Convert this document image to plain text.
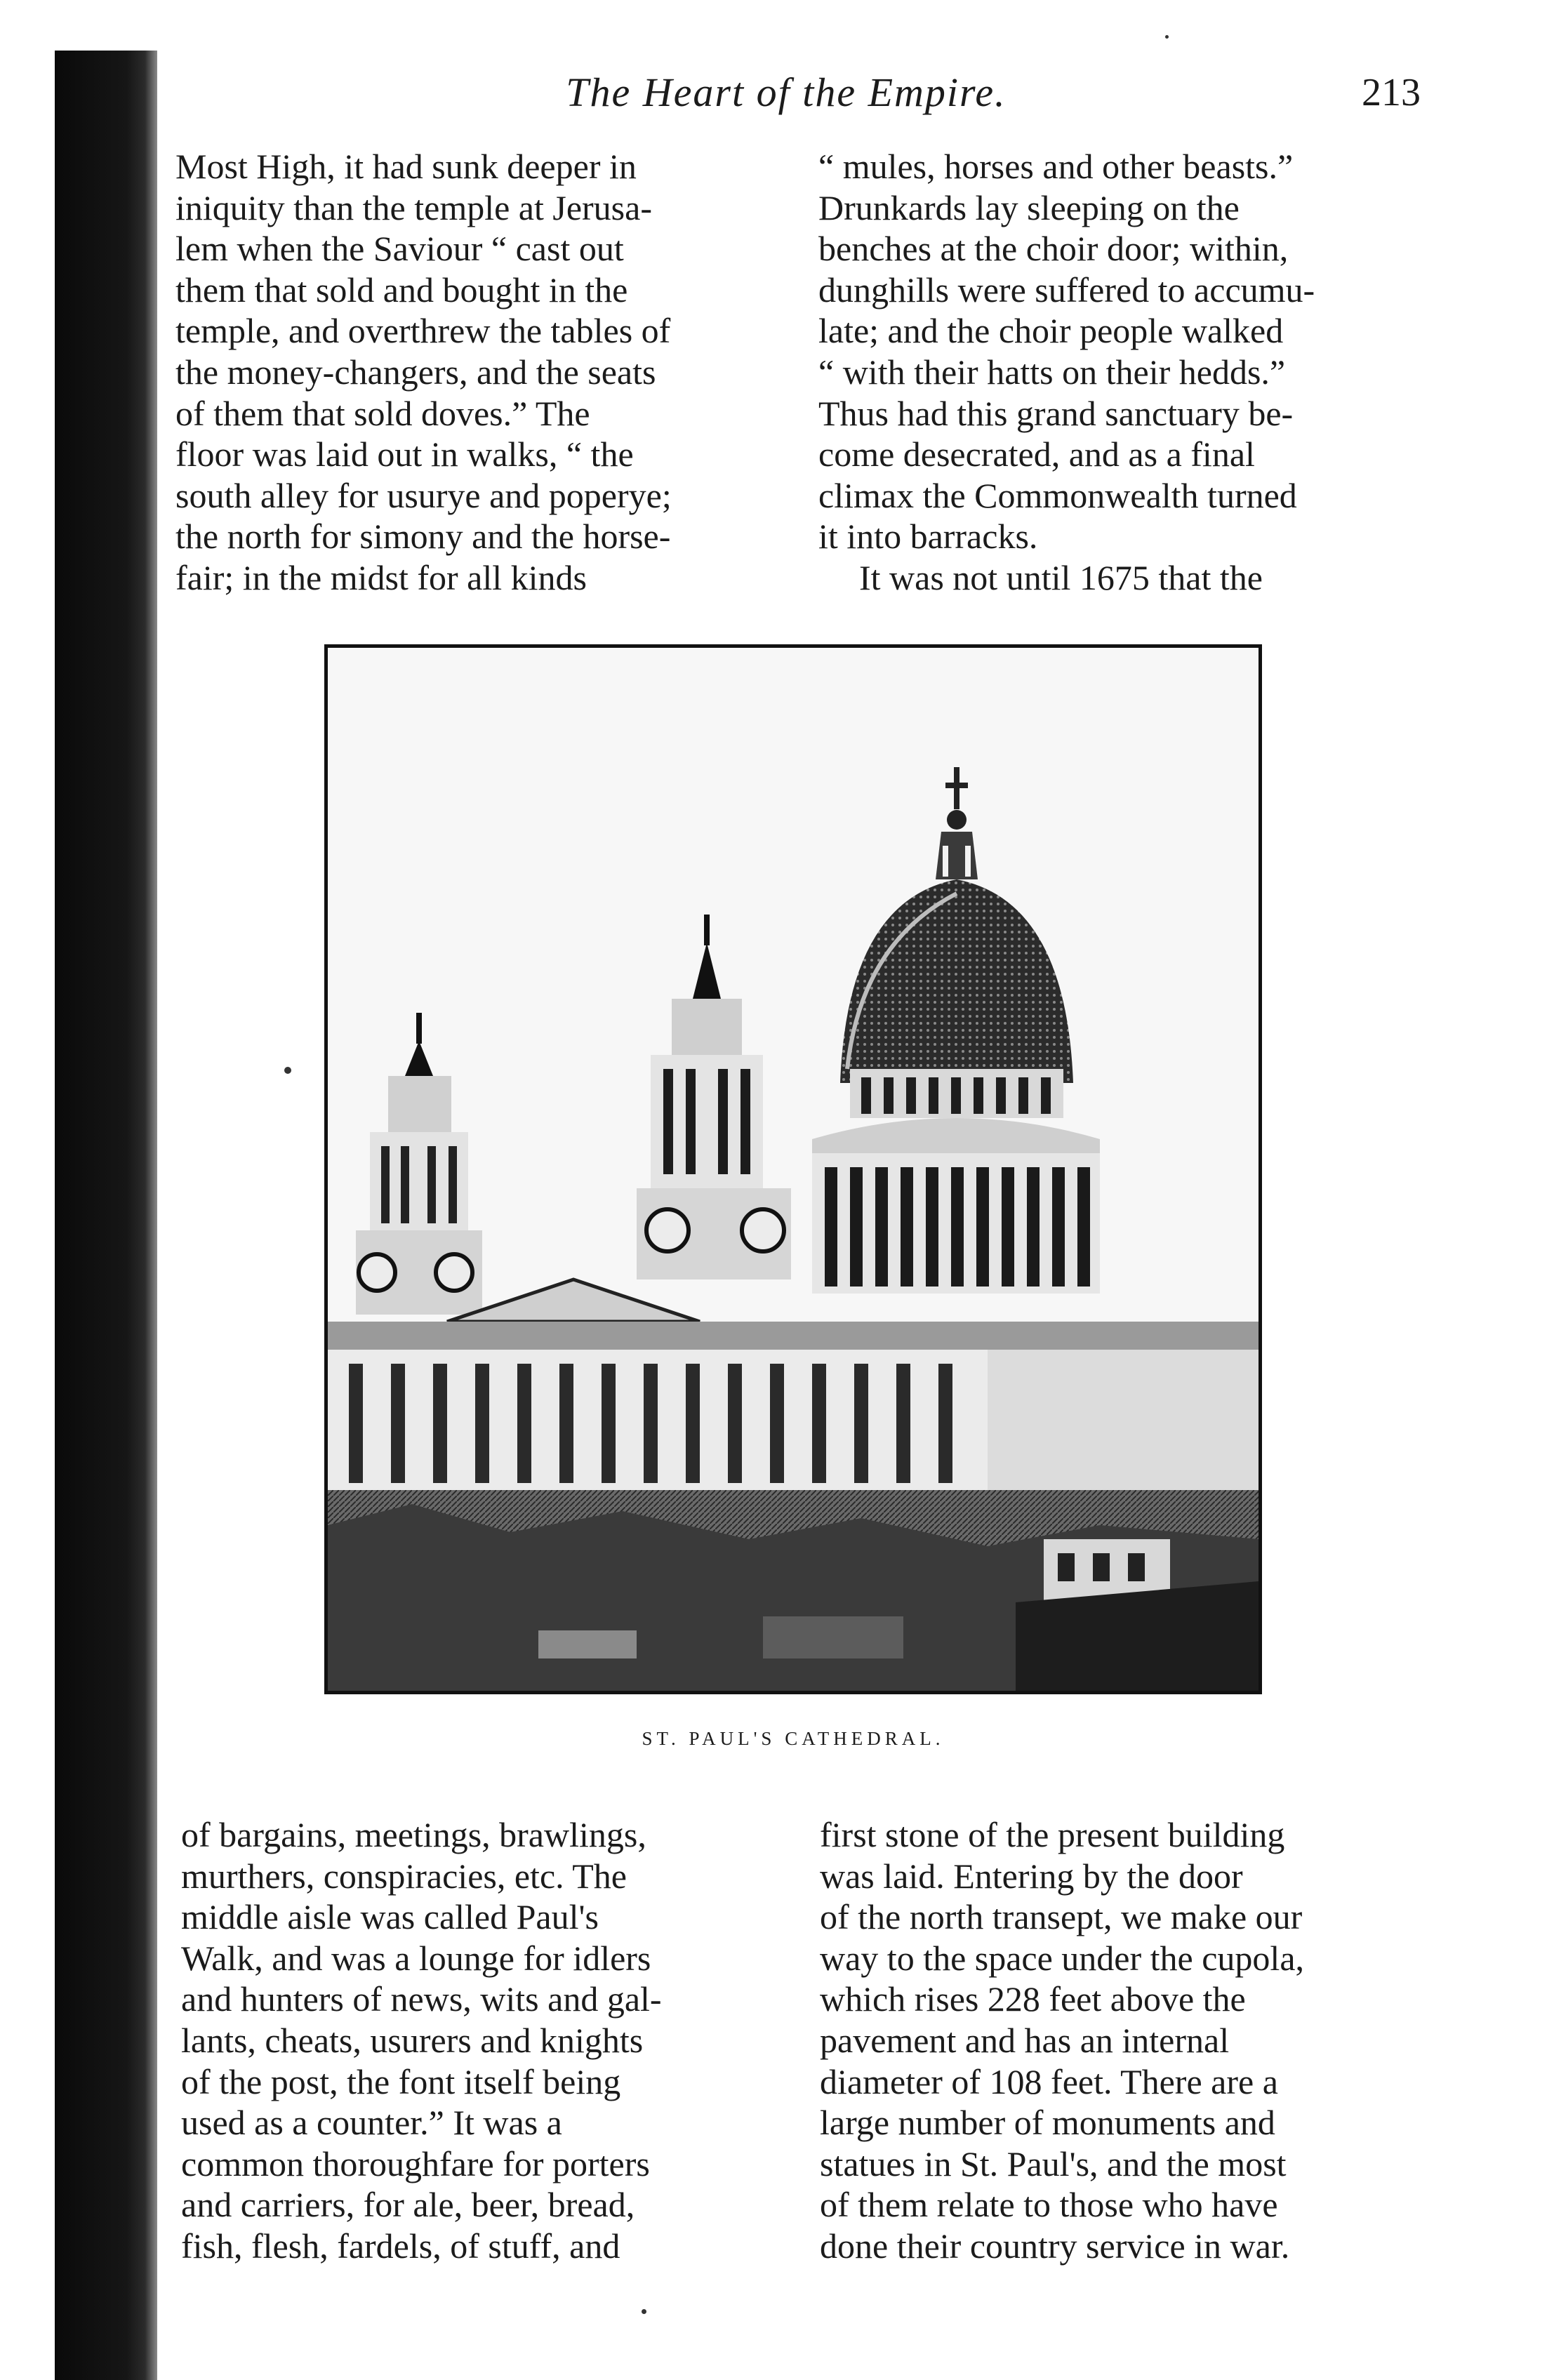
The Heart of the Empire.	213

Most High, it had sunk deeper in

iniquity than the temple at Jerusa-

lem when the Saviour “ cast out

them that sold and bought in the

temple, and overthrew the tables of

the money-changers, and the seats

of them that sold doves.” The

floor was laid out in walks, “ the

south alley for usurye and poperye;

the north for simony and the horse-

fair; in the midst for all kinds

“ mules, horses and other beasts.”

Drunkards lay sleeping on the

benches at the choir door; within,

dunghills were suffered to accumu-

late; and the choir people walked

“ with their hatts on their hedds.”

Thus had this grand sanctuary be-

come desecrated, and as a final

climax the Commonwealth turned

it into barracks.

It was not until 1675 that the

ST. PAUL'S CATHEDRAL.

of bargains, meetings, brawlings,

murthers, conspiracies, etc. The

middle aisle was called Paul's

Walk, and was a lounge for idlers

and hunters of news, wits and gal-

lants, cheats, usurers and knights

of the post, the font itself being

used as a counter.” It was a

common thoroughfare for porters

and carriers, for ale, beer, bread,

fish, flesh, fardels, of stuff, and

first stone of the present building

was laid. Entering by the door

of the north transept, we make our

way to the space under the cupola,

which rises 228 feet above the

pavement and has an internal

diameter of 108 feet. There are a

large number of monuments and

statues in St. Paul's, and the most

of them relate to those who have

done their country service in war.
